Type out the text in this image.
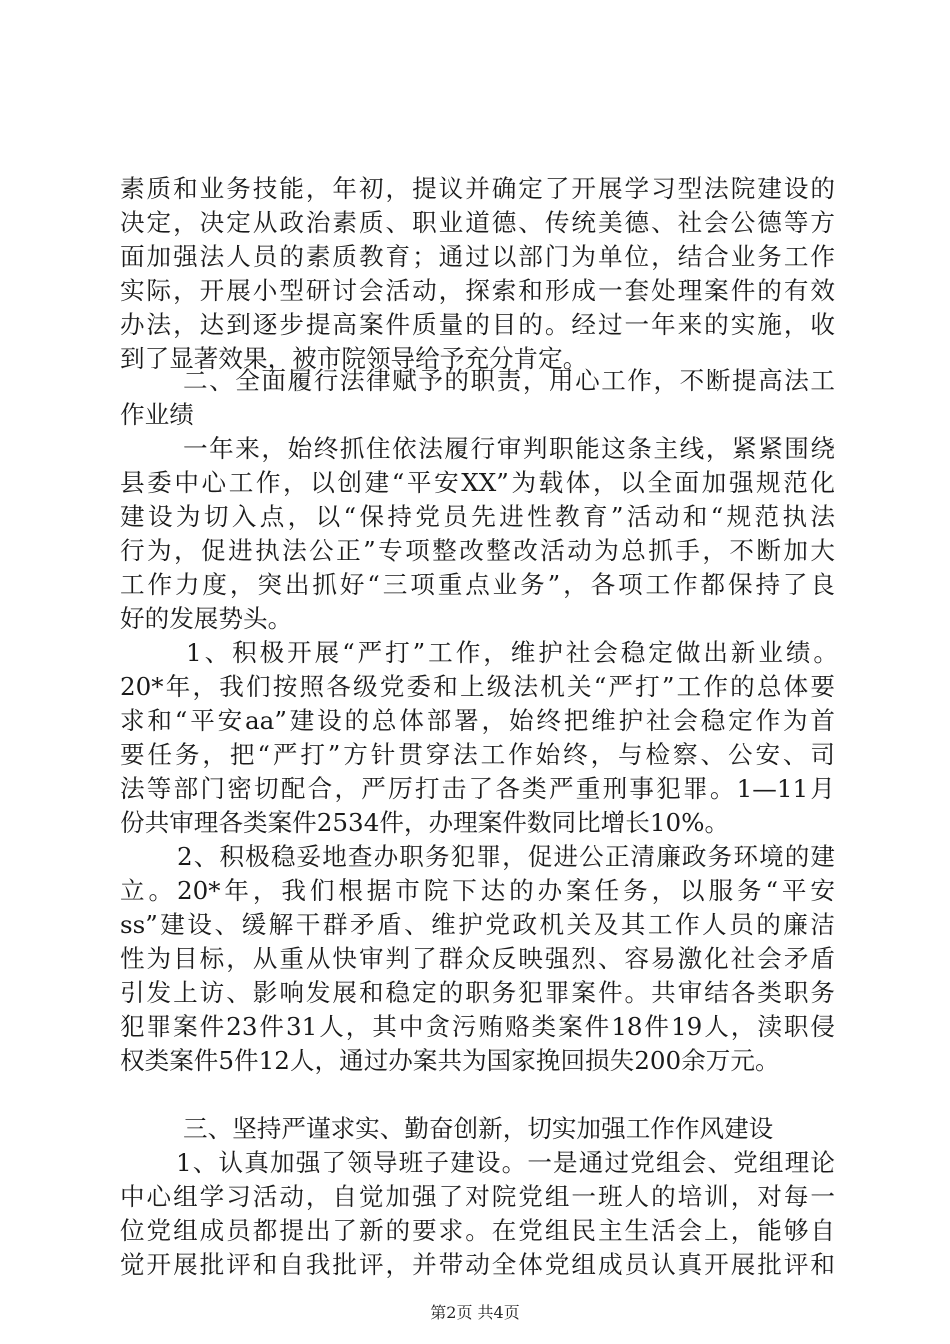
素质和业务技能，年初，提议并确定了开展学习型法院建设的
决定，决定从政治素质、职业道德、传统美德、社会公德等方
面加强法人员的素质教育；通过以部门为单位，结合业务工作
实际，开展小型研讨会活动，探索和形成一套处理案件的有效
办法，达到逐步提高案件质量的目的。经过一年来的实施，收
到了显著效果，被市院领导给予充分肯定。
二、全面履行法律赋予的职责，用心工作，不断提高法工
作业绩
一年来，始终抓住依法履行审判职能这条主线，紧紧围绕
县委中心工作，以创建“平安XX”为载体，以全面加强规范化
建设为切入点，以“保持党员先进性教育”活动和“规范执法
行为，促进执法公正”专项整改整改活动为总抓手，不断加大
工作力度，突出抓好“三项重点业务”，各项工作都保持了良
好的发展势头。
1、积极开展“严打”工作，维护社会稳定做出新业绩。
20*年，我们按照各级党委和上级法机关“严打”工作的总体要
求和“平安aa”建设的总体部署，始终把维护社会稳定作为首
要任务，把“严打”方针贯穿法工作始终，与检察、公安、司
法等部门密切配合，严厉打击了各类严重刑事犯罪。1—11月
份共审理各类案件2534件，办理案件数同比增长10%。
2、积极稳妥地查办职务犯罪，促进公正清廉政务环境的建
立。20*年，我们根据市院下达的办案任务，以服务“平安
ss”建设、缓解干群矛盾、维护党政机关及其工作人员的廉洁
性为目标，从重从快审判了群众反映强烈、容易激化社会矛盾
引发上访、影响发展和稳定的职务犯罪案件。共审结各类职务
犯罪案件23件31人，其中贪污贿赂类案件18件19人，渎职侵
权类案件5件12人，通过办案共为国家挽回损失200余万元。
三、坚持严谨求实、勤奋创新，切实加强工作作风建设
1、认真加强了领导班子建设。一是通过党组会、党组理论
中心组学习活动，自觉加强了对院党组一班人的培训，对每一
位党组成员都提出了新的要求。在党组民主生活会上，能够自
觉开展批评和自我批评，并带动全体党组成员认真开展批评和
第2页 共4页
